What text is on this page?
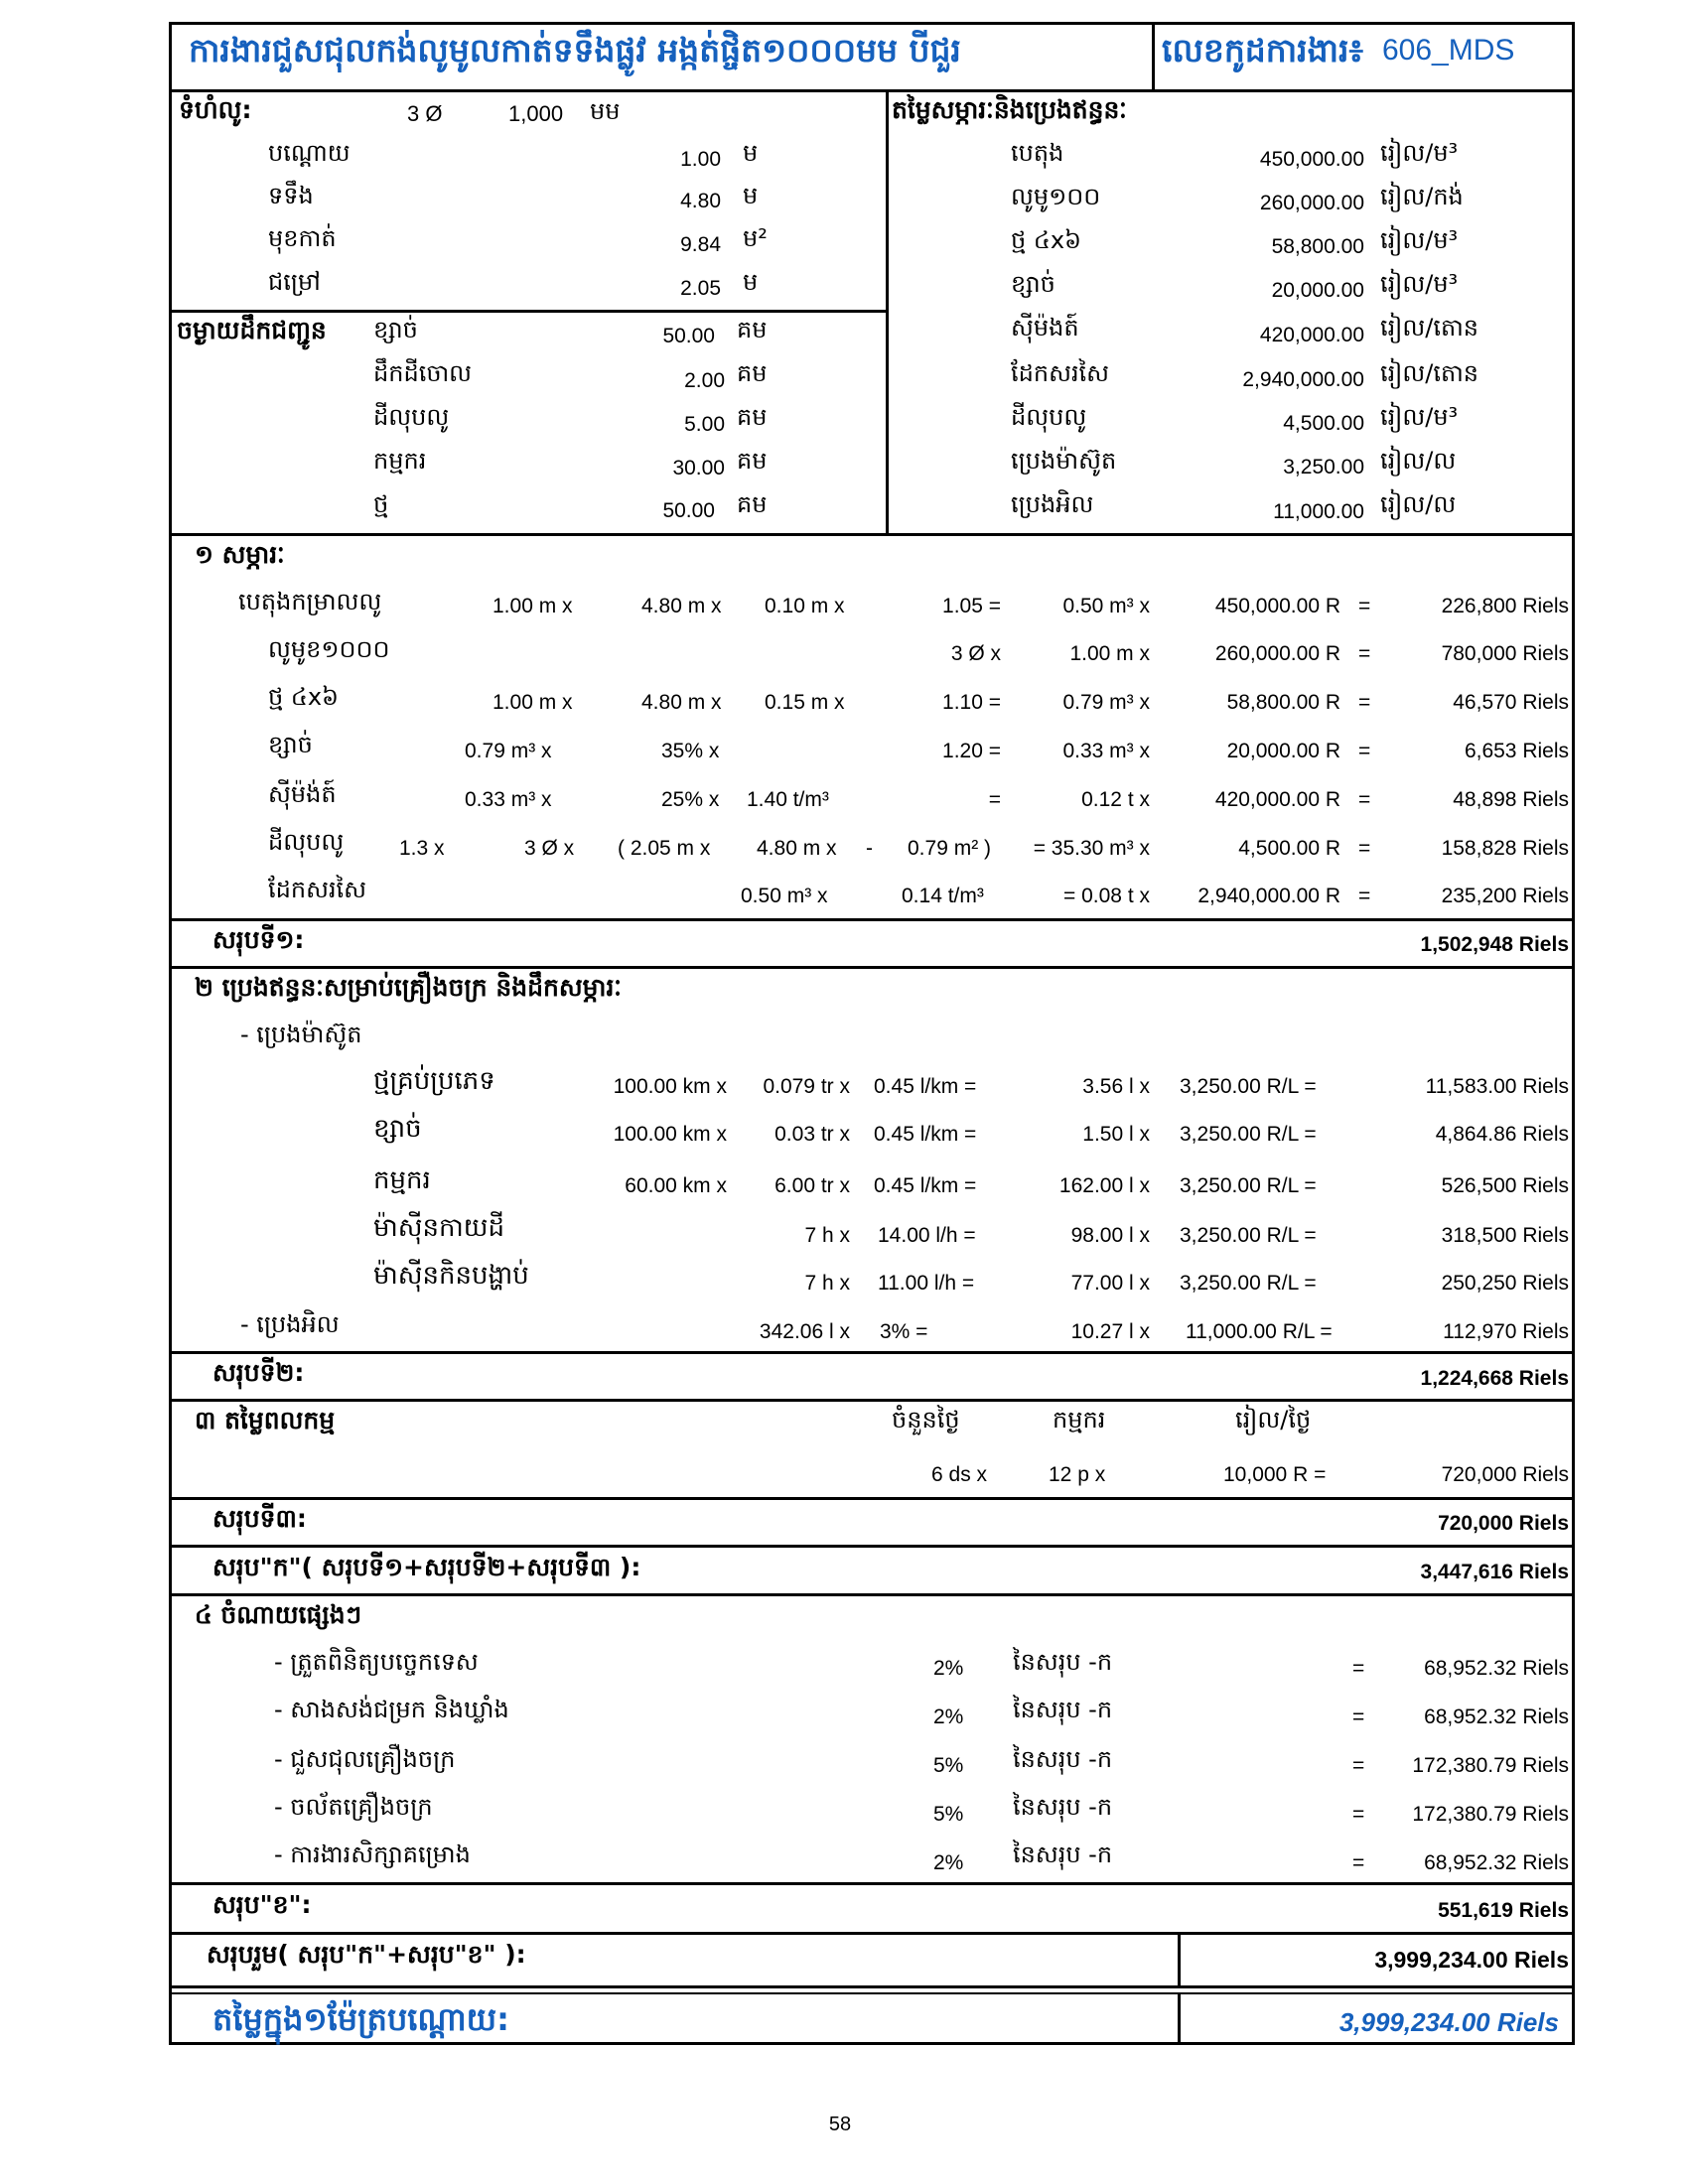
ការងារជួសជុលកង់លូមូលកាត់ទទឹងផ្លូវ អង្កត់ផ្ចិត១០០០មម បីជួរ	លេខកូដការងារ៖ 606_MDS
ទំហំលូ:	3 Ø	1,000 មម
បណ្តោយ	1.00 ម
ទទឹង	4.80 ម
មុខកាត់	9.84 ម²
ជម្រៅ	2.05 ម
ចម្ងាយដឹកជញ្ជូន ខ្សាច់	50.00 គម
ដឹកដីចោល	2.00 គម
ដីលុបលូ	5.00 គម
កម្មករ	30.00 គម
ថ្ម	50.00 គម
តម្លៃសម្ភារៈនិងប្រេងឥន្ធនៈ
បេតុង	450,000.00 រៀល/ម³
លូមូ១០០	260,000.00 រៀល/កង់
ថ្ម ៤x៦	58,800.00 រៀល/ម³
ខ្សាច់	20,000.00 រៀល/ម³
ស៊ីម៉ងត៍	420,000.00 រៀល/តោន
ដែកសរសៃ	2,940,000.00 រៀល/តោន
ដីលុបលូ	4,500.00 រៀល/ម³
ប្រេងម៉ាស៊ូត	3,250.00 រៀល/ល
ប្រេងអិល	11,000.00 រៀល/ល
១ សម្ភារៈ
បេតុងកម្រាលលូ	1.00 m x	4.80 m x 0.10 m x	1.05 =	0.50 m³ x	450,000.00 R =	226,800 Riels
លូមូខ១០០០	3 Ø x	1.00 m x	260,000.00 R =	780,000 Riels
ថ្ម ៤x៦	1.00 m x	4.80 m x 0.15 m x	1.10 =	0.79 m³ x	58,800.00 R =	46,570 Riels
ខ្សាច់	0.79 m³ x	35% x	1.20 =	0.33 m³ x	20,000.00 R =	6,653 Riels
ស៊ីម៉ង់ត៍	0.33 m³ x	25% x 1.40 t/m³	=	0.12 t x	420,000.00 R =	48,898 Riels
ដីលុបលូ	1.3 x	3 Ø x ( 2.05 m x 4.80 m x - 0.79 m² )	= 35.30 m³ x	4,500.00 R =	158,828 Riels
ដែកសរសៃ	0.50 m³ x	0.14 t/m³	= 0.08 t x	2,940,000.00 R =	235,200 Riels
សរុបទី១:	1,502,948 Riels
២ ប្រេងឥន្ធនៈសម្រាប់គ្រឿងចក្រ និងដឹកសម្ភារៈ
- ប្រេងម៉ាស៊ូត
ថ្មគ្រប់ប្រភេទ	100.00 km x	0.079 tr x 0.45 l/km =	3.56 l x 3,250.00 R/L =	11,583.00 Riels
ខ្សាច់	100.00 km x	0.03 tr x 0.45 l/km =	1.50 l x 3,250.00 R/L =	4,864.86 Riels
កម្មករ	60.00 km x	6.00 tr x 0.45 l/km =	162.00 l x 3,250.00 R/L =	526,500 Riels
ម៉ាស៊ីនកាយដី	7 h x 14.00 l/h =	98.00 l x 3,250.00 R/L =	318,500 Riels
ម៉ាស៊ីនកិនបង្ហាប់	7 h x 11.00 l/h =	77.00 l x 3,250.00 R/L =	250,250 Riels
- ប្រេងអិល	342.06 l x 3% =	10.27 l x 11,000.00 R/L =	112,970 Riels
សរុបទី២:	1,224,668 Riels
៣ តម្លៃពលកម្ម	ចំនួនថ្ងៃ	កម្មករ	រៀល/ថ្ងៃ
6 ds x	12 p x	10,000 R =	720,000 Riels
សរុបទី៣:	720,000 Riels
សរុប"ក"( សរុបទី១+សរុបទី២+សរុបទី៣ ):	3,447,616 Riels
៤ ចំណាយផ្សេងៗ
- ត្រួតពិនិត្យបច្ចេកទេស	2% នៃសរុប -ក	=	68,952.32 Riels
- សាងសង់ជម្រក និងឃ្លាំង	2% នៃសរុប -ក	=	68,952.32 Riels
- ជួសជុលគ្រឿងចក្រ	5% នៃសរុប -ក	=	172,380.79 Riels
- ចល័តគ្រឿងចក្រ	5% នៃសរុប -ក	=	172,380.79 Riels
- ការងារសិក្សាគម្រោង	2% នៃសរុប -ក	=	68,952.32 Riels
សរុប"ខ":	551,619 Riels
សរុបរួម( សរុប"ក"+សរុប"ខ" ):	3,999,234.00 Riels
តម្លៃក្នុង១ម៉ែត្របណ្តោយ:	3,999,234.00 Riels
58
